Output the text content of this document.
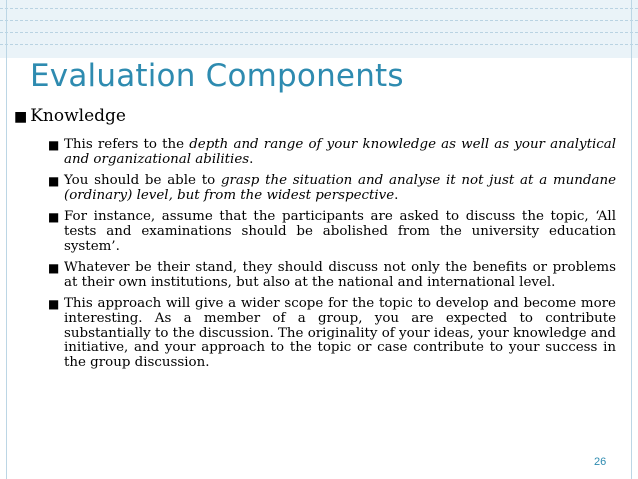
Evaluation Components
■ Knowledge
■ This refers to the depth and range of your knowledge as well as your analytical and organizational abilities.
■ You should be able to grasp the situation and analyse it not just at a mundane (ordinary) level, but from the widest perspective.
■ For instance, assume that the participants are asked to discuss the topic, ‘All tests and examinations should be abolished from the university education system’.
■ Whatever be their stand, they should discuss not only the benefits or problems at their own institutions, but also at the national and international level.
■ This approach will give a wider scope for the topic to develop and become more interesting. As a member of a group, you are expected to contribute substantially to the discussion. The originality of your ideas, your knowledge and initiative, and your approach to the topic or case contribute to your success in the group discussion.
26
